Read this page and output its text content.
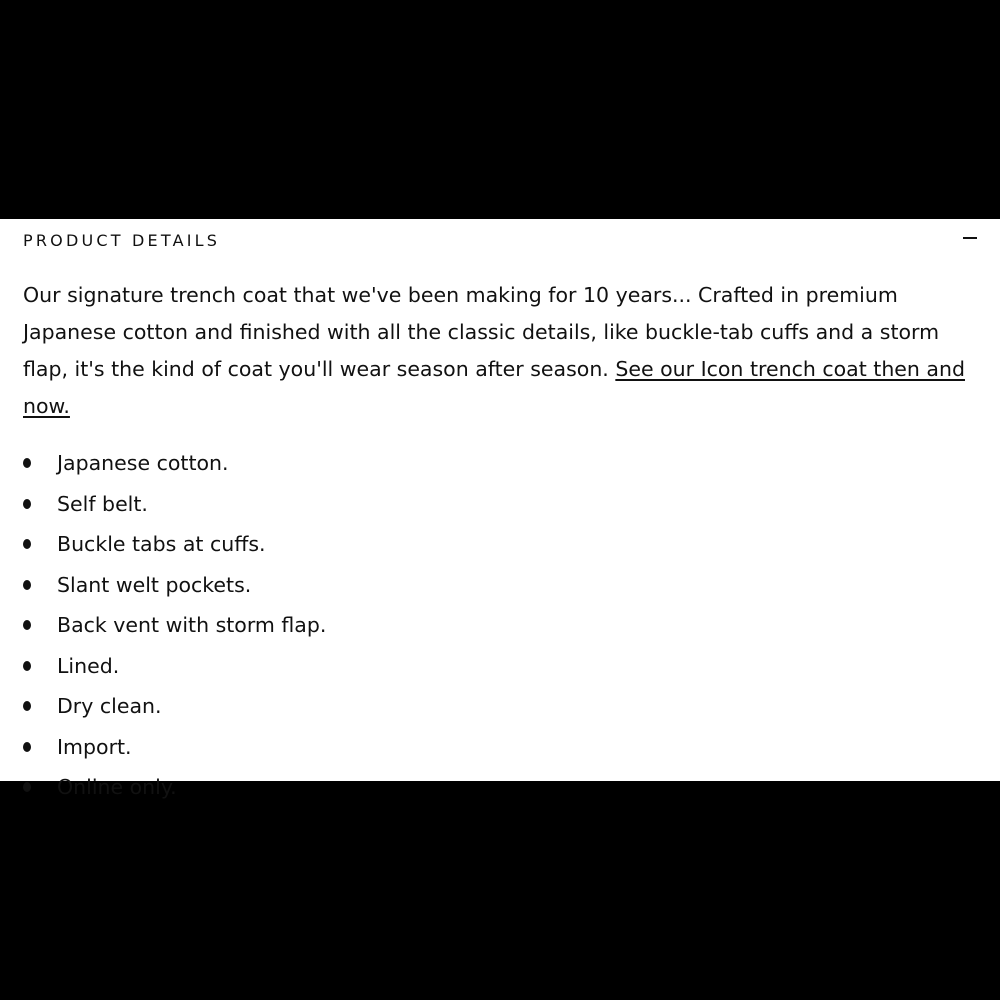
PRODUCT DETAILS

Our signature trench coat that we've been making for 10 years... Crafted in premium Japanese cotton and finished with all the classic details, like buckle-tab cuffs and a storm flap, it's the kind of coat you'll wear season after season. See our Icon trench coat then and now.

Japanese cotton.
Self belt.
Buckle tabs at cuffs.
Slant welt pockets.
Back vent with storm flap.
Lined.
Dry clean.
Import.
Online only.
